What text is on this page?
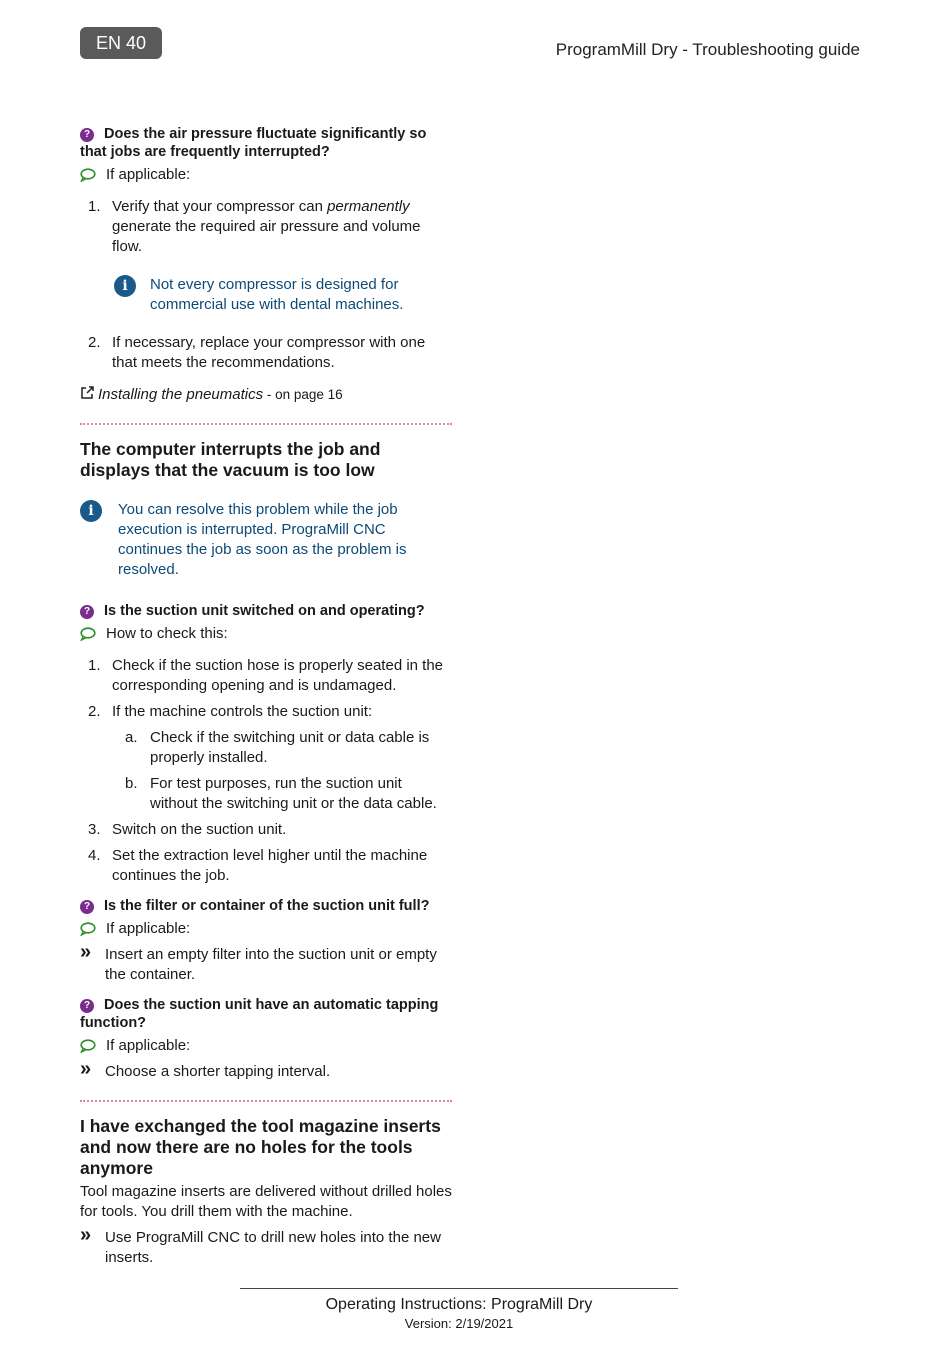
EN 40	ProgramMill Dry - Troubleshooting guide
? Does the air pressure fluctuate significantly so that jobs are frequently interrupted?
If applicable:
1. Verify that your compressor can permanently generate the required air pressure and volume flow.
i	Not every compressor is designed for commercial use with dental machines.
2. If necessary, replace your compressor with one that meets the recommendations.
Installing the pneumatics - on page 16
The computer interrupts the job and displays that the vacuum is too low
i	You can resolve this problem while the job execution is interrupted. PrograMill CNC continues the job as soon as the problem is resolved.
? Is the suction unit switched on and operating?
How to check this:
1. Check if the suction hose is properly seated in the corresponding opening and is undamaged.
2. If the machine controls the suction unit:
a. Check if the switching unit or data cable is properly installed.
b. For test purposes, run the suction unit without the switching unit or the data cable.
3. Switch on the suction unit.
4. Set the extraction level higher until the machine continues the job.
? Is the filter or container of the suction unit full?
If applicable:
» Insert an empty filter into the suction unit or empty the container.
? Does the suction unit have an automatic tapping function?
If applicable:
» Choose a shorter tapping interval.
I have exchanged the tool magazine inserts and now there are no holes for the tools anymore
Tool magazine inserts are delivered without drilled holes for tools. You drill them with the machine.
» Use PrograMill CNC to drill new holes into the new inserts.
Operating Instructions: PrograMill Dry
Version: 2/19/2021
